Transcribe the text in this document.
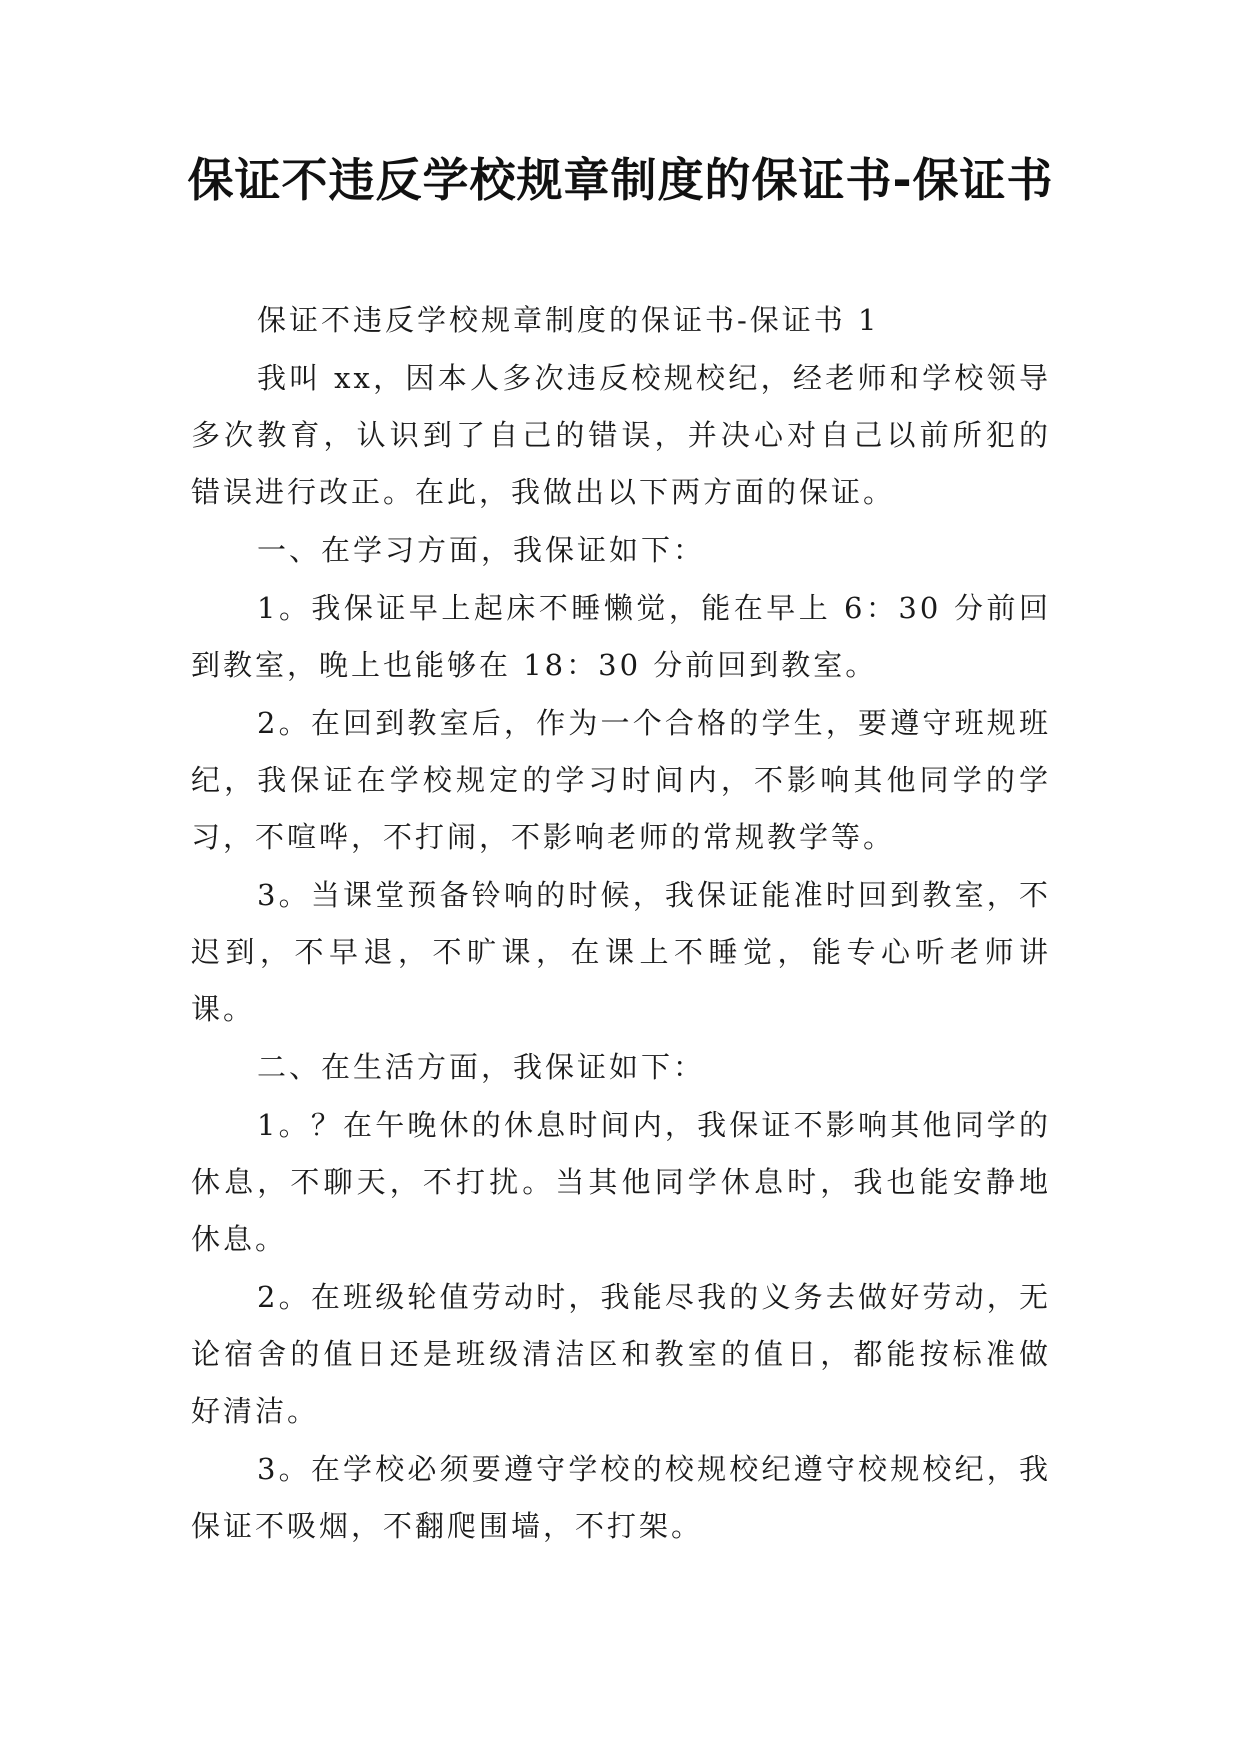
保证不违反学校规章制度的保证书-保证书

保证不违反学校规章制度的保证书-保证书 1

我叫 xx，因本人多次违反校规校纪，经老师和学校领导多次教育，认识到了自己的错误，并决心对自己以前所犯的错误进行改正。在此，我做出以下两方面的保证。

一、在学习方面，我保证如下：

1。我保证早上起床不睡懒觉，能在早上 6：30 分前回到教室，晚上也能够在 18：30 分前回到教室。

2。在回到教室后，作为一个合格的学生，要遵守班规班纪，我保证在学校规定的学习时间内，不影响其他同学的学习，不喧哗，不打闹，不影响老师的常规教学等。

3。当课堂预备铃响的时候，我保证能准时回到教室，不迟到，不早退，不旷课，在课上不睡觉，能专心听老师讲课。

二、在生活方面，我保证如下：

1。？在午晚休的休息时间内，我保证不影响其他同学的休息，不聊天，不打扰。当其他同学休息时，我也能安静地休息。

2。在班级轮值劳动时，我能尽我的义务去做好劳动，无论宿舍的值日还是班级清洁区和教室的值日，都能按标准做好清洁。

3。在学校必须要遵守学校的校规校纪遵守校规校纪，我保证不吸烟，不翻爬围墙，不打架。
